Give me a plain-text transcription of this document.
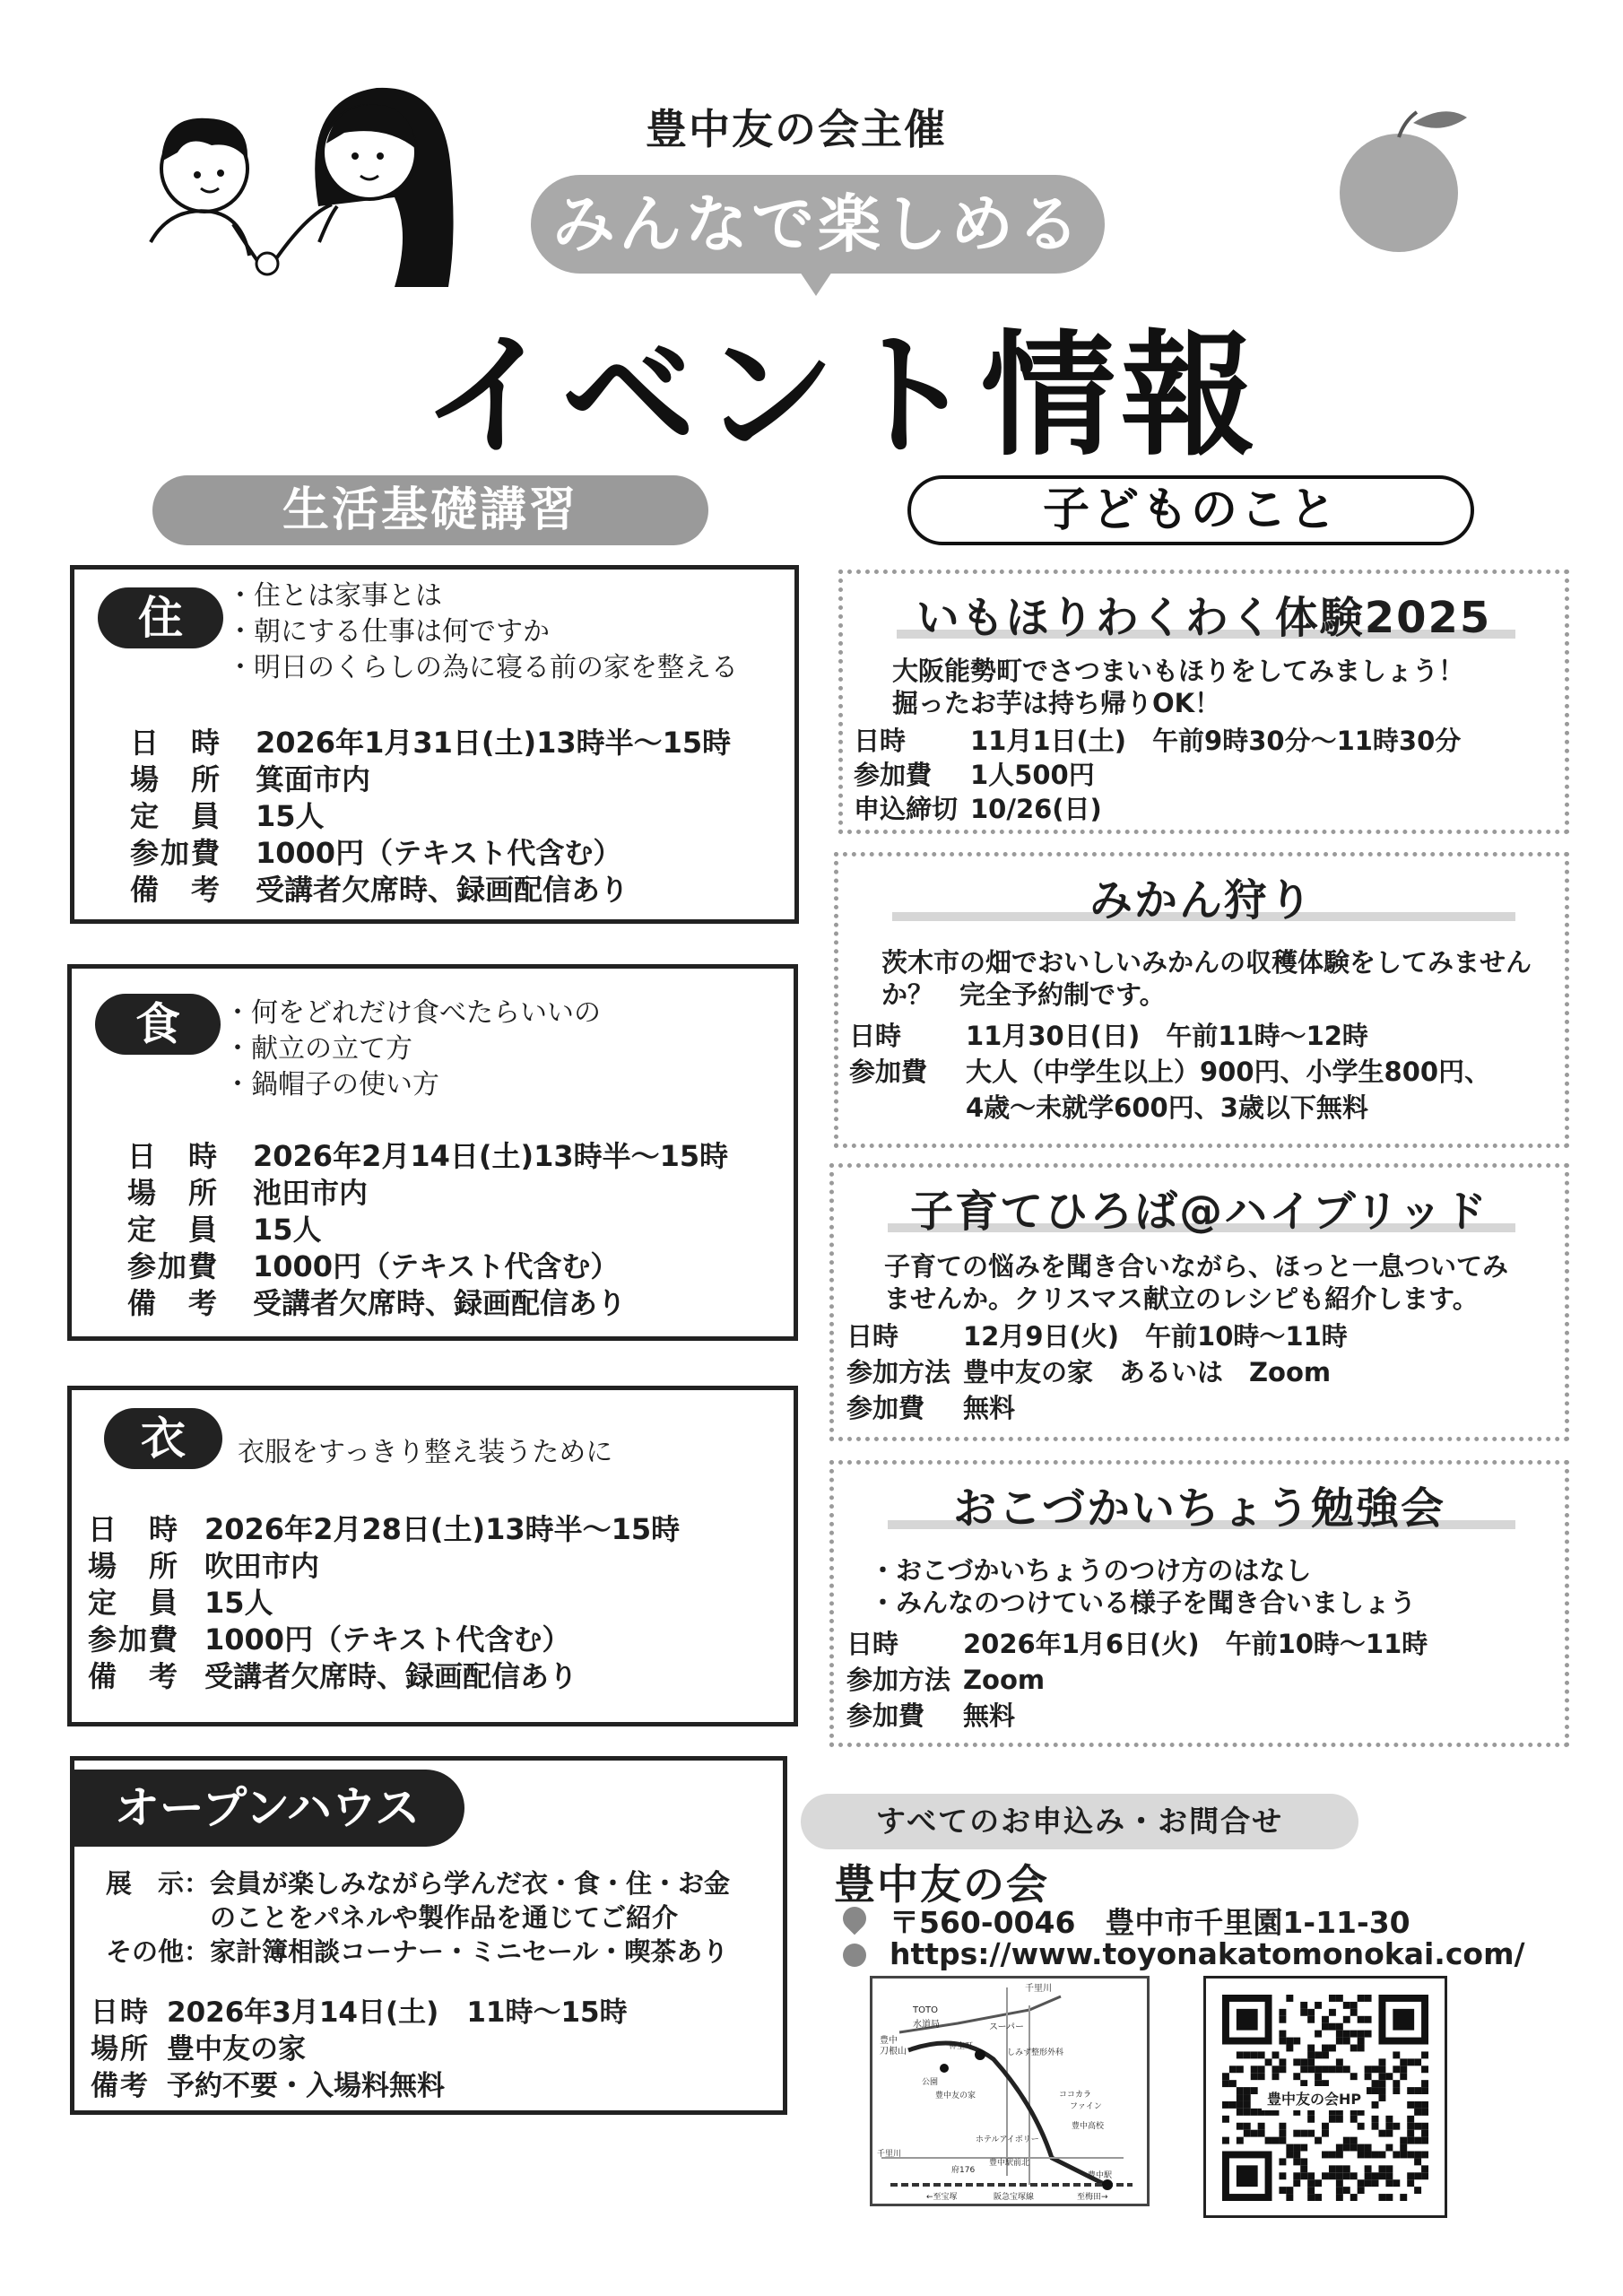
豊中友の会主催
みんなで楽しめる
イベント情報
生活基礎講習	子どものこと
住	・住とは家事とは
・朝にする仕事は何ですか
・明日のくらしの為に寝る前の家を整える
日　時 2026年1月31日(土)13時半～15時
場　所 箕面市内
定　員 15人
参加費 1000円（テキスト代含む）
備　考 受講者欠席時、録画配信あり
食	・何をどれだけ食べたらいいの
・献立の立て方
・鍋帽子の使い方
日　時 2026年2月14日(土)13時半～15時
場　所 池田市内
定　員 15人
参加費 1000円（テキスト代含む）
備　考 受講者欠席時、録画配信あり
衣	衣服をすっきり整え装うために
日　時 2026年2月28日(土)13時半～15時
場　所 吹田市内
定　員 15人
参加費 1000円（テキスト代含む）
備　考 受講者欠席時、録画配信あり
オープンハウス
展　示：会員が楽しみながら学んだ衣・食・住・お金
　　　　のことをパネルや製作品を通じてご紹介
その他：家計簿相談コーナー・ミニセール・喫茶あり
日時 2026年3月14日(土)　11時～15時
場所 豊中友の家
備考 予約不要・入場料無料
いもほりわくわく体験2025
大阪能勢町でさつまいもほりをしてみましょう！
掘ったお芋は持ち帰りOK！
日時 11月1日(土)　午前9時30分～11時30分
参加費 1人500円
申込締切 10/26(日)
みかん狩り
茨木市の畑でおいしいみかんの収穫体験をしてみません
か？　完全予約制です。
日時 11月30日(日)　午前11時～12時
参加費 大人（中学生以上）900円、小学生800円、
4歳～未就学600円、3歳以下無料
子育てひろば@ハイブリッド
子育ての悩みを聞き合いながら、ほっと一息ついてみ
ませんか。クリスマス献立のレシピも紹介します。
日時 12月9日(火)　午前10時～11時
参加方法 豊中友の家　あるいは　Zoom
参加費 無料
おこづかいちょう勉強会
・おこづかいちょうのつけ方のはなし
・みんなのつけている様子を聞き合いましょう
日時 2026年1月6日(火)　午前10時～11時
参加方法 Zoom
参加費 無料
すべてのお申込み・お問合せ
豊中友の会
〒560-0046　豊中市千里園1-11-30
https://www.toyonakatomonokai.com/
千里川
TOTO
水道局
豊中
刀根山
スーパー
神室町
しみず整形外科
公園
豊中友の家	ココカラ
ファイン
豊中高校
ホテルアイボリー
千里川
豊中駅前北
府176
豊中駅
←至宝塚	阪急宝塚線	至梅田→
豊中友の会HP
